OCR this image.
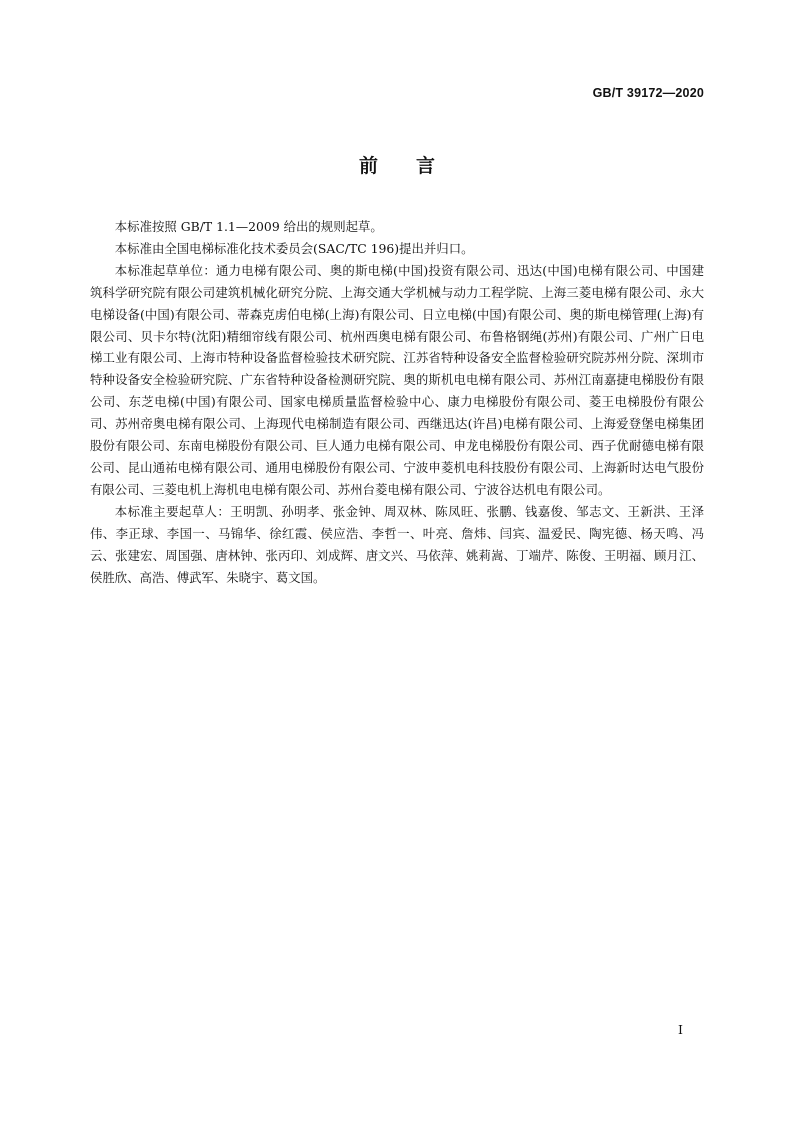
GB/T 39172—2020
前言

本标准按照 GB/T 1.1—2009 给出的规则起草。

本标准由全国电梯标准化技术委员会(SAC/TC 196)提出并归口。

本标准起草单位：通力电梯有限公司、奥的斯电梯(中国)投资有限公司、迅达(中国)电梯有限公司、中国建筑科学研究院有限公司建筑机械化研究分院、上海交通大学机械与动力工程学院、上海三菱电梯有限公司、永大电梯设备(中国)有限公司、蒂森克虏伯电梯(上海)有限公司、日立电梯(中国)有限公司、奥的斯电梯管理(上海)有限公司、贝卡尔特(沈阳)精细帘线有限公司、杭州西奥电梯有限公司、布鲁格钢绳(苏州)有限公司、广州广日电梯工业有限公司、上海市特种设备监督检验技术研究院、江苏省特种设备安全监督检验研究院苏州分院、深圳市特种设备安全检验研究院、广东省特种设备检测研究院、奥的斯机电电梯有限公司、苏州江南嘉捷电梯股份有限公司、东芝电梯(中国)有限公司、国家电梯质量监督检验中心、康力电梯股份有限公司、菱王电梯股份有限公司、苏州帝奥电梯有限公司、上海现代电梯制造有限公司、西继迅达(许昌)电梯有限公司、上海爱登堡电梯集团股份有限公司、东南电梯股份有限公司、巨人通力电梯有限公司、申龙电梯股份有限公司、西子优耐德电梯有限公司、昆山通祐电梯有限公司、通用电梯股份有限公司、宁波申菱机电科技股份有限公司、上海新时达电气股份有限公司、三菱电机上海机电电梯有限公司、苏州台菱电梯有限公司、宁波谷达机电有限公司。

本标准主要起草人：王明凯、孙明孝、张金钟、周双林、陈凤旺、张鹏、钱嘉俊、邹志文、王新洪、王泽伟、李正球、李国一、马锦华、徐红霞、侯应浩、李哲一、叶亮、詹炜、闫宾、温爱民、陶宪德、杨天鸣、冯云、张建宏、周国强、唐林钟、张丙印、刘成辉、唐文兴、马依萍、姚莉嵩、丁端芹、陈俊、王明福、顾月江、侯胜欣、高浩、傅武军、朱晓宇、葛文国。

I
